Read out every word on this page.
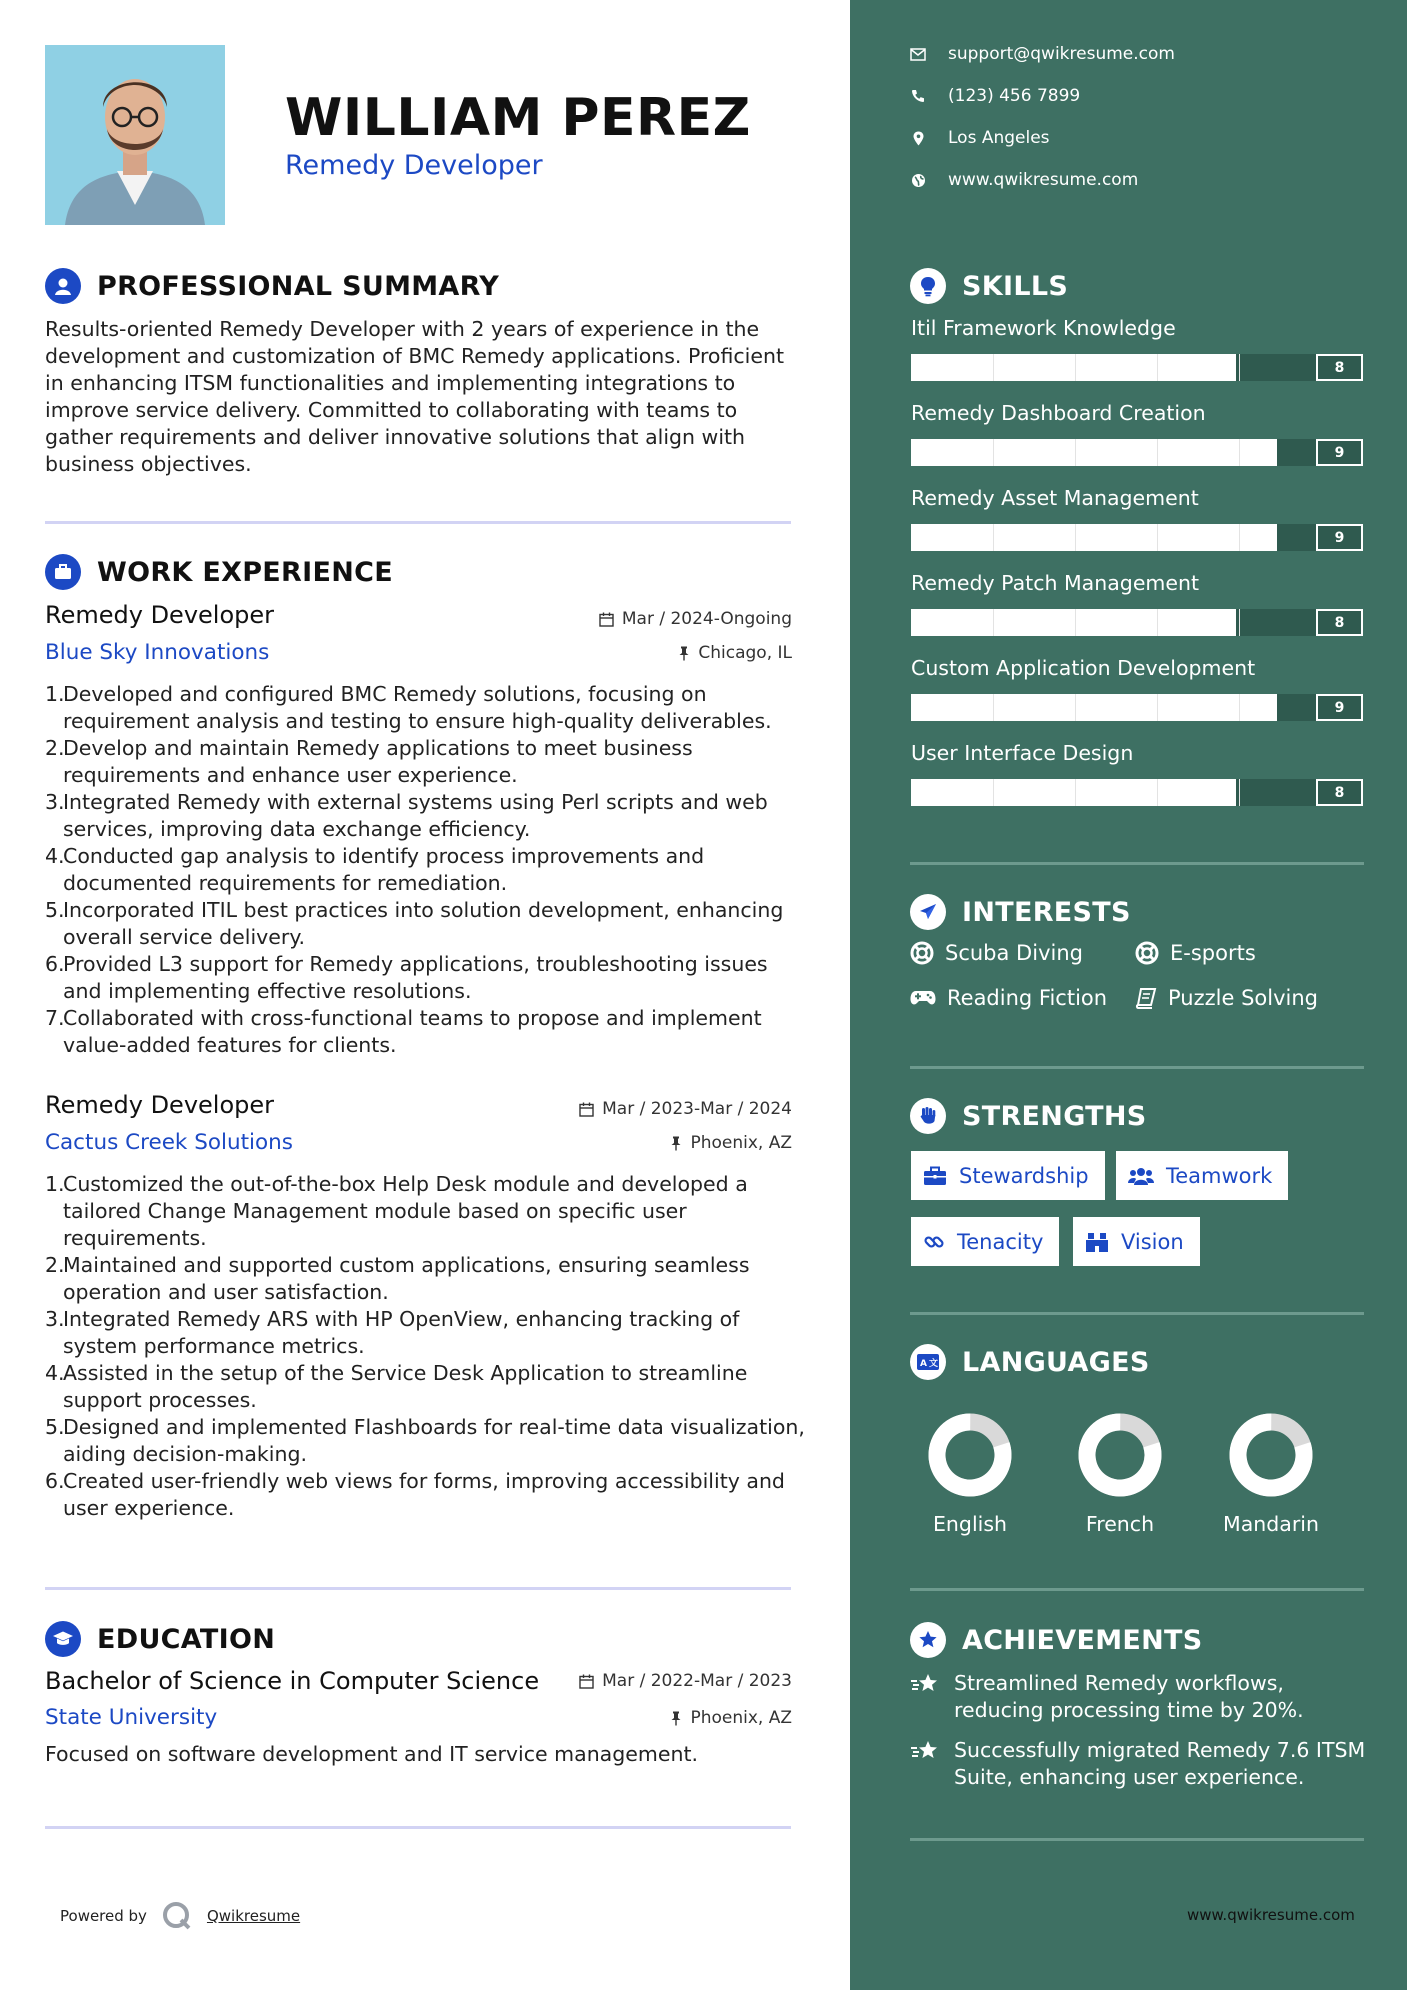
WILLIAM PEREZ
Remedy Developer
PROFESSIONAL SUMMARY
Results-oriented Remedy Developer with 2 years of experience in the development and customization of BMC Remedy applications. Proficient in enhancing ITSM functionalities and implementing integrations to improve service delivery. Committed to collaborating with teams to gather requirements and deliver innovative solutions that align with business objectives.
WORK EXPERIENCE
Remedy Developer	Mar / 2024-Ongoing
Blue Sky Innovations	Chicago, IL
1.
Developed and configured BMC Remedy solutions, focusing on requirement analysis and testing to ensure high-quality deliverables.
2.
Develop and maintain Remedy applications to meet business requirements and enhance user experience.
3.
Integrated Remedy with external systems using Perl scripts and web services, improving data exchange efficiency.
4.
Conducted gap analysis to identify process improvements and documented requirements for remediation.
5.
Incorporated ITIL best practices into solution development, enhancing overall service delivery.
6.
Provided L3 support for Remedy applications, troubleshooting issues and implementing effective resolutions.
7.
Collaborated with cross-functional teams to propose and implement value-added features for clients.
Remedy Developer	Mar / 2023-Mar / 2024
Cactus Creek Solutions	Phoenix, AZ
1.
Customized the out-of-the-box Help Desk module and developed a tailored Change Management module based on specific user requirements.
2.
Maintained and supported custom applications, ensuring seamless operation and user satisfaction.
3.
Integrated Remedy ARS with HP OpenView, enhancing tracking of system performance metrics.
4.
Assisted in the setup of the Service Desk Application to streamline support processes.
5.
Designed and implemented Flashboards for real-time data visualization, aiding decision-making.
6.
Created user-friendly web views for forms, improving accessibility and user experience.
EDUCATION
Bachelor of Science in Computer Science	Mar / 2022-Mar / 2023
State University	Phoenix, AZ
Focused on software development and IT service management.
Powered by	Qwikresume
support@qwikresume.com
(123) 456 7899
Los Angeles
www.qwikresume.com
SKILLS
Itil Framework Knowledge
8
Remedy Dashboard Creation
9
Remedy Asset Management
9
Remedy Patch Management
8
Custom Application Development
9
User Interface Design
8
INTERESTS
Scuba Diving	E-sports
Reading Fiction	Puzzle Solving
STRENGTHS
Stewardship	Teamwork
Tenacity	Vision
A 文 LANGUAGES
English	French	Mandarin
ACHIEVEMENTS
Streamlined Remedy workflows, reducing processing time by 20%.
Successfully migrated Remedy 7.6 ITSM Suite, enhancing user experience.
www.qwikresume.com
